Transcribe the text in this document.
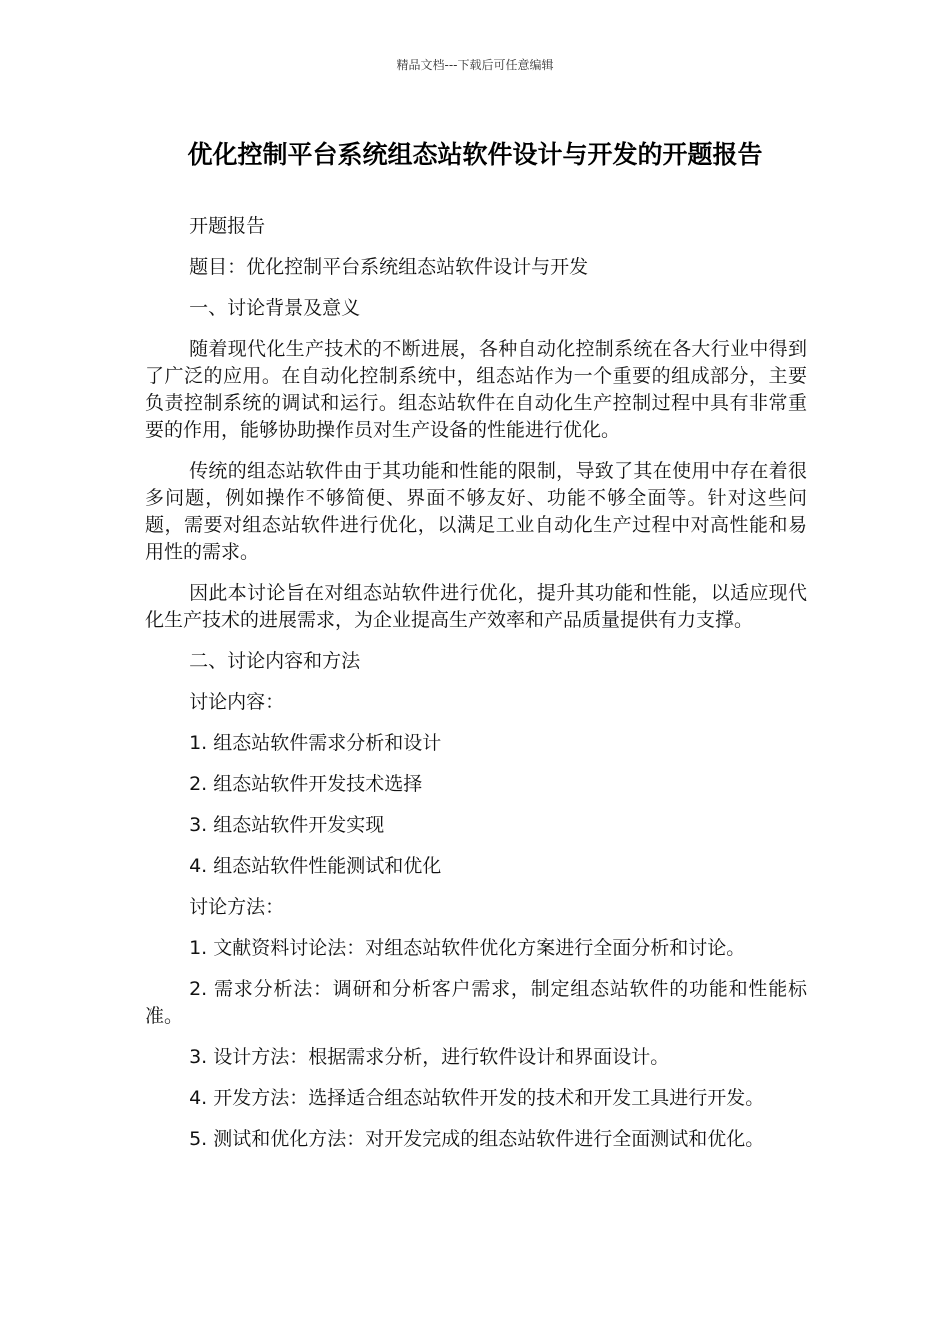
精品文档---下载后可任意编辑
优化控制平台系统组态站软件设计与开发的开题报告

开题报告

题目：优化控制平台系统组态站软件设计与开发

一、讨论背景及意义

随着现代化生产技术的不断进展，各种自动化控制系统在各大行业中得到了广泛的应用。在自动化控制系统中，组态站作为一个重要的组成部分，主要负责控制系统的调试和运行。组态站软件在自动化生产控制过程中具有非常重要的作用，能够协助操作员对生产设备的性能进行优化。

传统的组态站软件由于其功能和性能的限制，导致了其在使用中存在着很多问题，例如操作不够简便、界面不够友好、功能不够全面等。针对这些问题，需要对组态站软件进行优化，以满足工业自动化生产过程中对高性能和易用性的需求。

因此本讨论旨在对组态站软件进行优化，提升其功能和性能，以适应现代化生产技术的进展需求，为企业提高生产效率和产品质量提供有力支撑。

二、讨论内容和方法

讨论内容：

1. 组态站软件需求分析和设计

2. 组态站软件开发技术选择

3. 组态站软件开发实现

4. 组态站软件性能测试和优化

讨论方法：

1. 文献资料讨论法：对组态站软件优化方案进行全面分析和讨论。

2. 需求分析法：调研和分析客户需求，制定组态站软件的功能和性能标准。

3. 设计方法：根据需求分析，进行软件设计和界面设计。

4. 开发方法：选择适合组态站软件开发的技术和开发工具进行开发。

5. 测试和优化方法：对开发完成的组态站软件进行全面测试和优化。
